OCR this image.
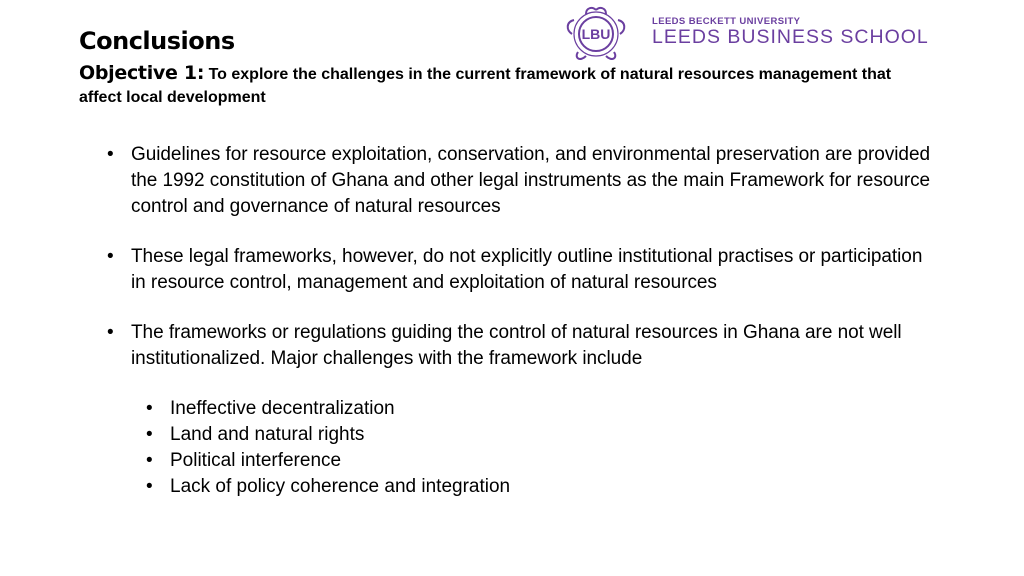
Conclusions

Objective 1: To explore the challenges in the current framework of natural resources management that affect local development

LBU

LEEDS BECKETT UNIVERSITY

LEEDS BUSINESS SCHOOL

• Guidelines for resource exploitation, conservation, and environmental preservation are provided the 1992 constitution of Ghana and other legal instruments as the main Framework for resource control and governance of natural resources
• These legal frameworks, however, do not explicitly outline institutional practises or participation in resource control, management and exploitation of natural resources
• The frameworks or regulations guiding the control of natural resources in Ghana are not well institutionalized. Major challenges with the framework include
• Ineffective decentralization
• Land and natural rights
• Political interference
• Lack of policy coherence and integration
